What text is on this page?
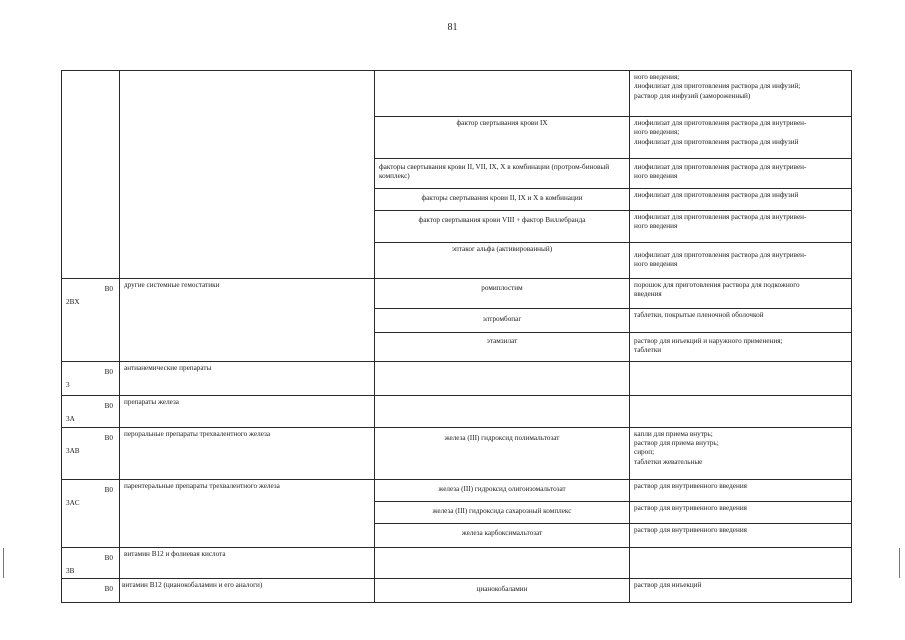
81

			ного введения;
лиофилизат для приготовления раствора для инфузий;
раствор для инфузий (замороженный)

		фактор свертывания крови IX	лиофилизат для приготовления раствора для внутривен-
ного введения;
лиофилизат для приготовления раствора для инфузий

		факторы свертывания крови II, VII, IX, X в комбинации (протром-биновый комплекс)	лиофилизат для приготовления раствора для внутривен-
ного введения

		факторы свертывания крови II, IX и X в комбинации	лиофилизат для приготовления раствора для инфузий

		фактор свертывания крови VIII + фактор Виллебранда	лиофилизат для приготовления раствора для внутривен-
ного введения

		эптаког альфа (активированный)	лиофилизат для приготовления раствора для внутривен-
ного введения

B0
2BX	другие системные гемостатики	ромиплостим	порошок для приготовления раствора для подкожного
введения

		элтромбопаг	таблетки, покрытые пленочной оболочкой

		этамзилат	раствор для инъекций и наружного применения;
таблетки

B0
3	антианемические препараты		

B0
3A	препараты железа		

B0
3AB	пероральные препараты трехвалентного железа	железа (III) гидроксид полимальтозат	капли для приема внутрь;
раствор для приема внутрь;
сироп;
таблетки жевательные

B0
3AC	парентеральные препараты трехвалентного железа	железа (III) гидроксид олигоизомальтозат	раствор для внутривенного введения

		железа (III) гидроксида сахарозный комплекс	раствор для внутривенного введения

		железа карбоксимальтозат	раствор для внутривенного введения

B0
3B	витамин B12 и фолиевая кислота		

B0	витамин B12 (цианокобаламин и его аналоги)	цианокобаламин	раствор для инъекций
